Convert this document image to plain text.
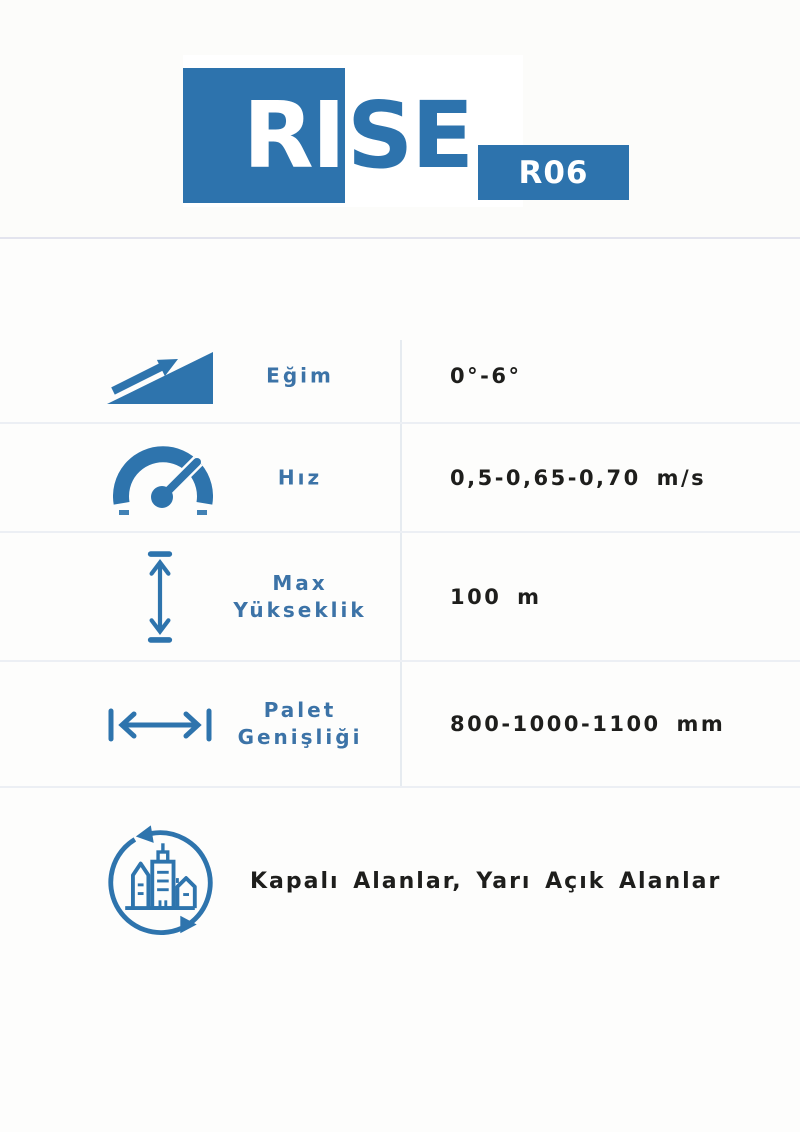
RI SE R06
Eğim	0°-6°
Hız	0,5-0,65-0,70 m/s
Max Yükseklik
100 m
Palet Genişliği
800-1000-1100 mm
Kapalı Alanlar, Yarı Açık Alanlar
